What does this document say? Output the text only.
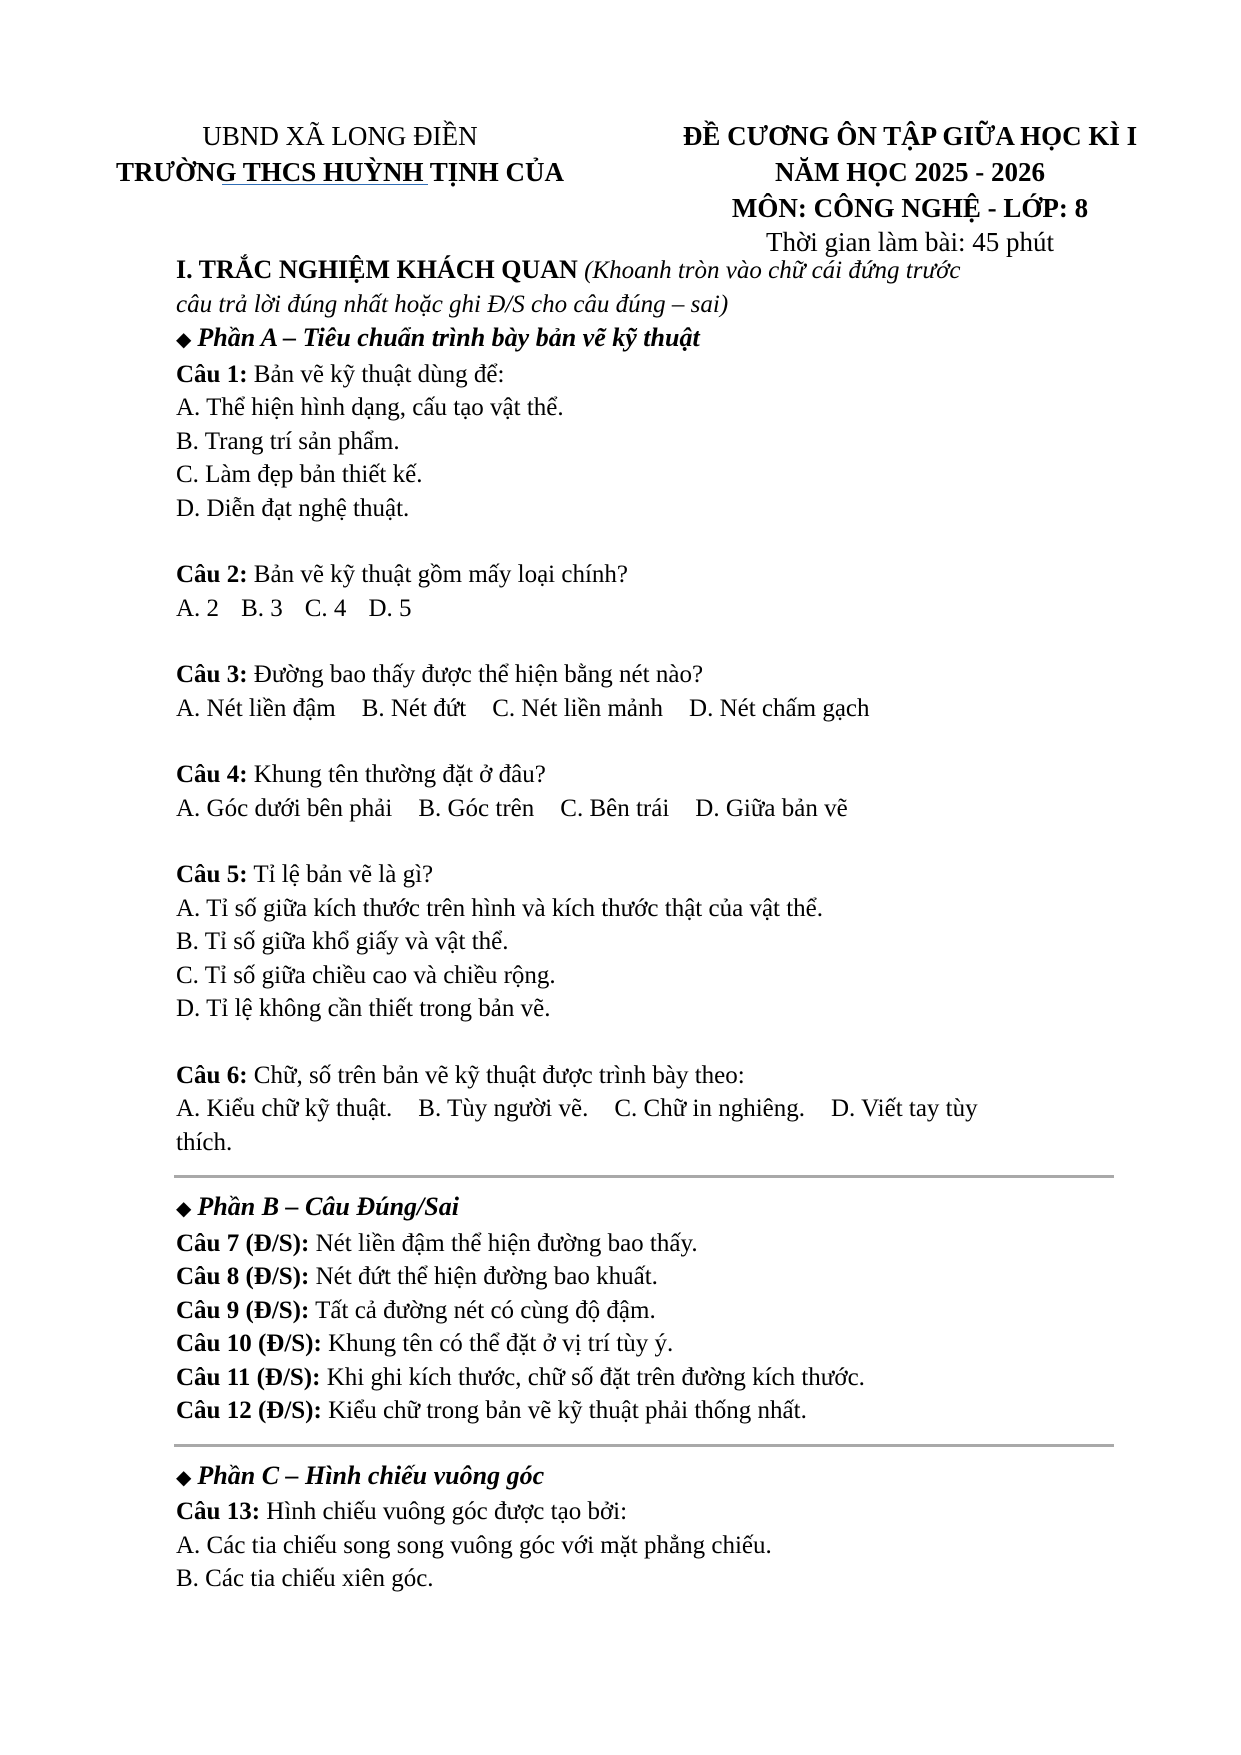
UBND XÃ LONG ĐIỀN
TRƯỜNG THCS HUỲNH TỊNH CỦA
ĐỀ CƯƠNG ÔN TẬP GIỮA HỌC KÌ I
NĂM HỌC 2025 - 2026
MÔN: CÔNG NGHỆ - LỚP: 8
Thời gian làm bài: 45 phút

I. TRẮC NGHIỆM KHÁCH QUAN (Khoanh tròn vào chữ cái đứng trước

câu trả lời đúng nhất hoặc ghi Đ/S cho câu đúng – sai)

◆ Phần A – Tiêu chuẩn trình bày bản vẽ kỹ thuật

Câu 1: Bản vẽ kỹ thuật dùng để:

A. Thể hiện hình dạng, cấu tạo vật thể.

B. Trang trí sản phẩm.

C. Làm đẹp bản thiết kế.

D. Diễn đạt nghệ thuật.

Câu 2: Bản vẽ kỹ thuật gồm mấy loại chính?

A. 2 B. 3 C. 4 D. 5

Câu 3: Đường bao thấy được thể hiện bằng nét nào?

A. Nét liền đậm B. Nét đứt C. Nét liền mảnh D. Nét chấm gạch

Câu 4: Khung tên thường đặt ở đâu?

A. Góc dưới bên phải B. Góc trên C. Bên trái D. Giữa bản vẽ

Câu 5: Tỉ lệ bản vẽ là gì?

A. Tỉ số giữa kích thước trên hình và kích thước thật của vật thể.

B. Tỉ số giữa khổ giấy và vật thể.

C. Tỉ số giữa chiều cao và chiều rộng.

D. Tỉ lệ không cần thiết trong bản vẽ.

Câu 6: Chữ, số trên bản vẽ kỹ thuật được trình bày theo:

A. Kiểu chữ kỹ thuật. B. Tùy người vẽ. C. Chữ in nghiêng. D. Viết tay tùy

thích.

◆ Phần B – Câu Đúng/Sai

Câu 7 (Đ/S): Nét liền đậm thể hiện đường bao thấy.

Câu 8 (Đ/S): Nét đứt thể hiện đường bao khuất.

Câu 9 (Đ/S): Tất cả đường nét có cùng độ đậm.

Câu 10 (Đ/S): Khung tên có thể đặt ở vị trí tùy ý.

Câu 11 (Đ/S): Khi ghi kích thước, chữ số đặt trên đường kích thước.

Câu 12 (Đ/S): Kiểu chữ trong bản vẽ kỹ thuật phải thống nhất.

◆ Phần C – Hình chiếu vuông góc

Câu 13: Hình chiếu vuông góc được tạo bởi:

A. Các tia chiếu song song vuông góc với mặt phẳng chiếu.

B. Các tia chiếu xiên góc.
